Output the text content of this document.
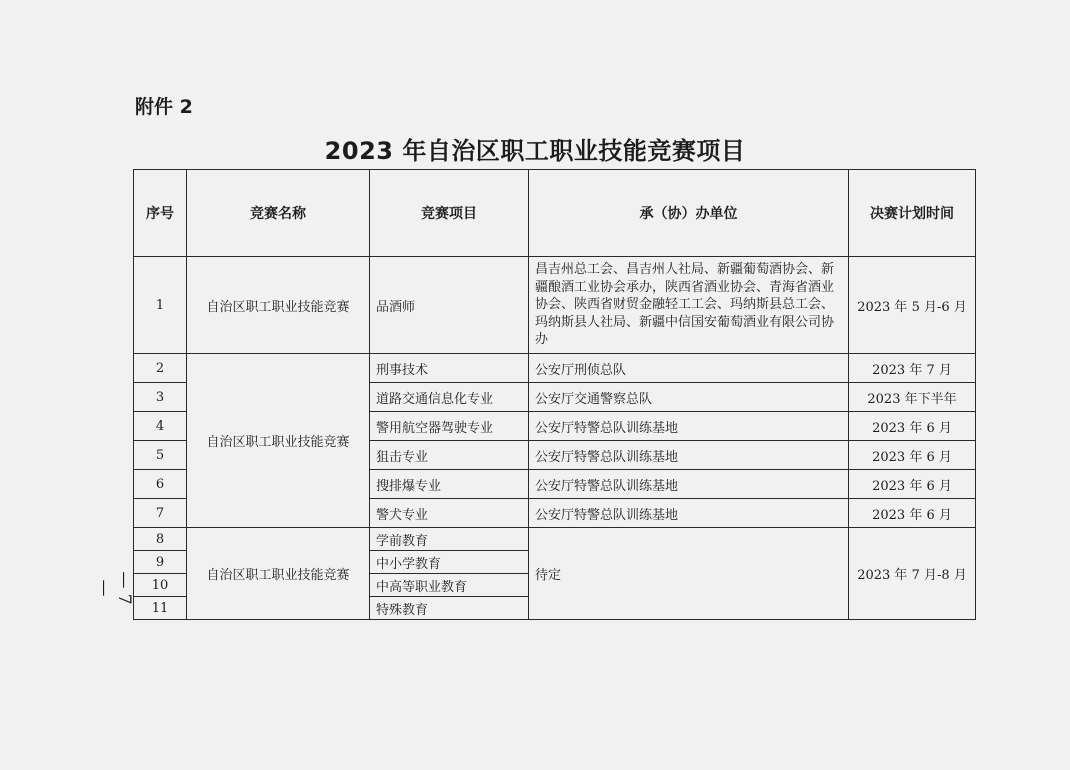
附件 2
2023 年自治区职工职业技能竞赛项目
— 7 —
序号	竞赛名称	竞赛项目	承（协）办单位	决赛计划时间
1	自治区职工职业技能竞赛	品酒师	昌吉州总工会、昌吉州人社局、新疆葡萄酒协会、新疆酿酒工业协会承办，陕西省酒业协会、青海省酒业协会、陕西省财贸金融轻工工会、玛纳斯县总工会、玛纳斯县人社局、新疆中信国安葡萄酒业有限公司协办	2023 年 5 月-6 月
2	自治区职工职业技能竞赛	刑事技术	公安厅刑侦总队	2023 年 7 月
3		道路交通信息化专业	公安厅交通警察总队	2023 年下半年
4		警用航空器驾驶专业	公安厅特警总队训练基地	2023 年 6 月
5		狙击专业	公安厅特警总队训练基地	2023 年 6 月
6		搜排爆专业	公安厅特警总队训练基地	2023 年 6 月
7		警犬专业	公安厅特警总队训练基地	2023 年 6 月
8	自治区职工职业技能竞赛	学前教育	待定	2023 年 7 月-8 月
9		中小学教育		
10		中高等职业教育		
11		特殊教育		
